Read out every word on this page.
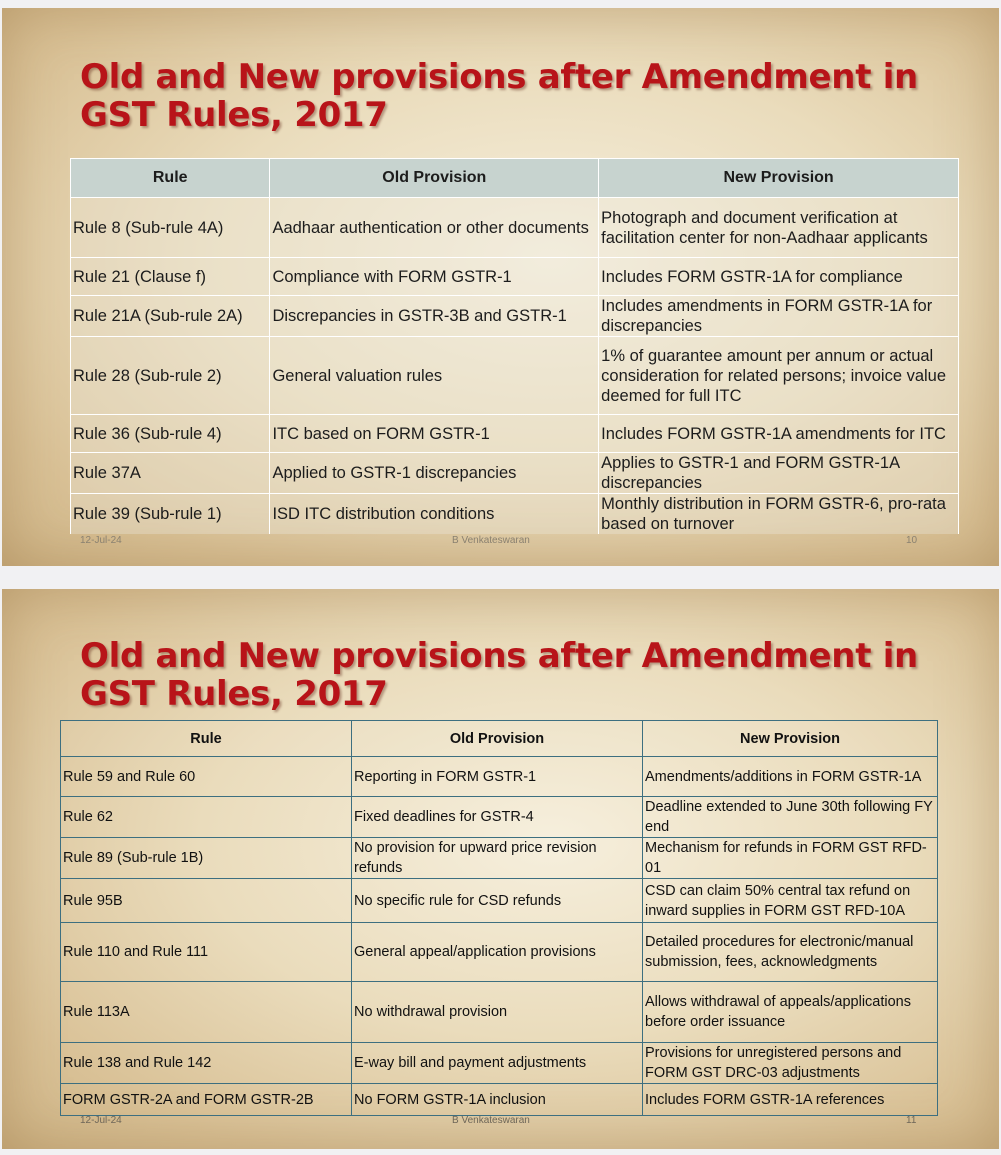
Old and New provisions after Amendment in GST Rules, 2017
Rule	Old Provision	New Provision
Rule 8 (Sub-rule 4A)	Aadhaar authentication or other documents	Photograph and document verification at facilitation center for non-Aadhaar applicants
Rule 21 (Clause f)	Compliance with FORM GSTR-1	Includes FORM GSTR-1A for compliance
Rule 21A (Sub-rule 2A)	Discrepancies in GSTR-3B and GSTR-1	Includes amendments in FORM GSTR-1A for discrepancies
Rule 28 (Sub-rule 2)	General valuation rules	1% of guarantee amount per annum or actual consideration for related persons; invoice value deemed for full ITC
Rule 36 (Sub-rule 4)	ITC based on FORM GSTR-1	Includes FORM GSTR-1A amendments for ITC
Rule 37A	Applied to GSTR-1 discrepancies	Applies to GSTR-1 and FORM GSTR-1A discrepancies
Rule 39 (Sub-rule 1)	ISD ITC distribution conditions	Monthly distribution in FORM GSTR-6, pro-rata based on turnover
12-Jul-24	B Venkateswaran	10
Old and New provisions after Amendment in GST Rules, 2017
Rule	Old Provision	New Provision
Rule 59 and Rule 60	Reporting in FORM GSTR-1	Amendments/additions in FORM GSTR-1A
Rule 62	Fixed deadlines for GSTR-4	Deadline extended to June 30th following FY end
Rule 89 (Sub-rule 1B)	No provision for upward price revision refunds	Mechanism for refunds in FORM GST RFD-01
Rule 95B	No specific rule for CSD refunds	CSD can claim 50% central tax refund on inward supplies in FORM GST RFD-10A
Rule 110 and Rule 111	General appeal/application provisions	Detailed procedures for electronic/manual submission, fees, acknowledgments
Rule 113A	No withdrawal provision	Allows withdrawal of appeals/applications before order issuance
Rule 138 and Rule 142	E-way bill and payment adjustments	Provisions for unregistered persons and FORM GST DRC-03 adjustments
FORM GSTR-2A and FORM GSTR-2B	No FORM GSTR-1A inclusion	Includes FORM GSTR-1A references
12-Jul-24	B Venkateswaran	11
